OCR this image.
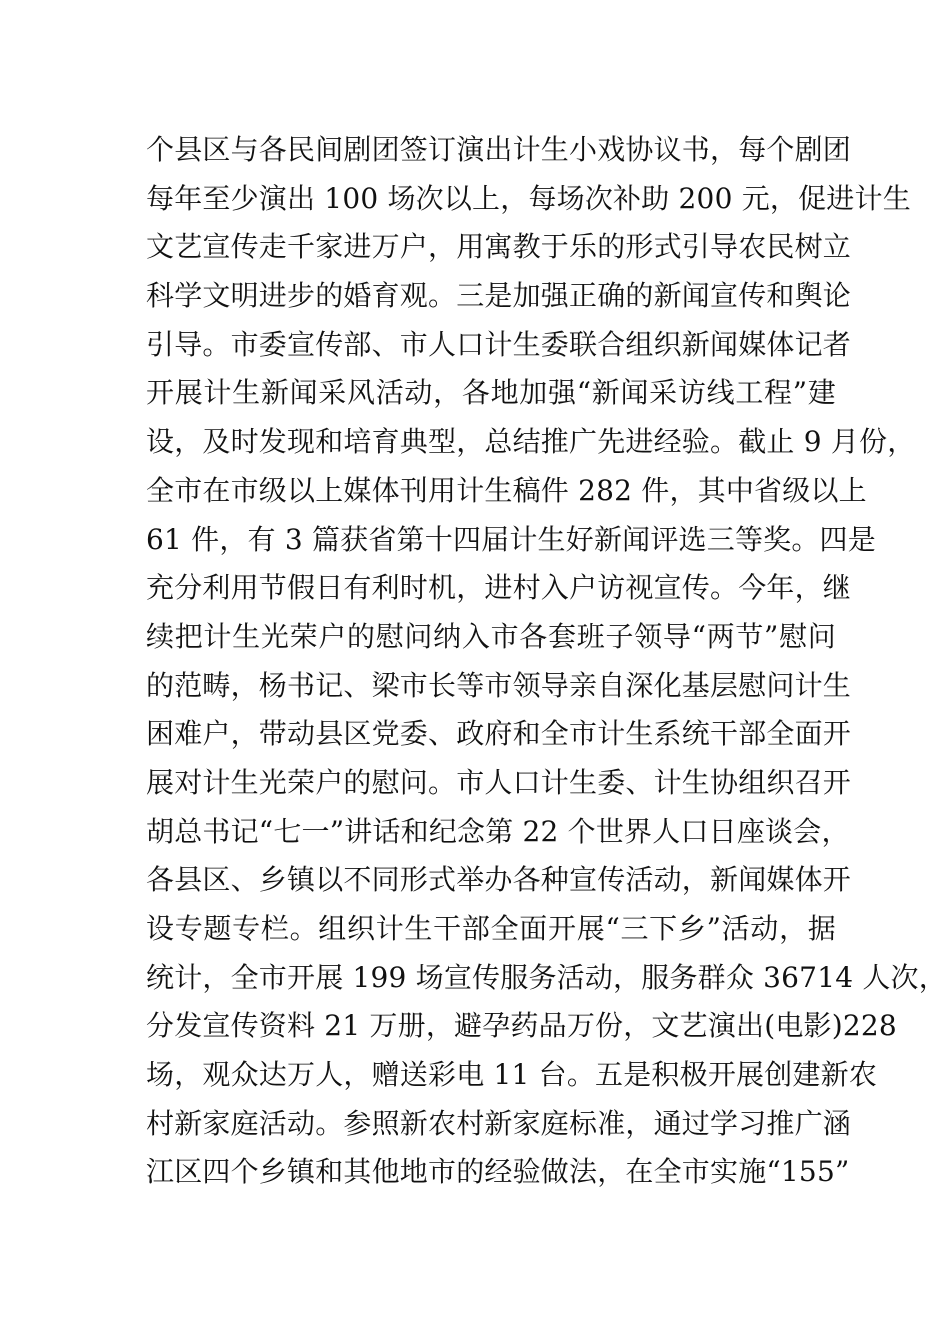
个县区与各民间剧团签订演出计生小戏协议书，每个剧团
每年至少演出 100 场次以上，每场次补助 200 元，促进计生
文艺宣传走千家进万户，用寓教于乐的形式引导农民树立
科学文明进步的婚育观。三是加强正确的新闻宣传和舆论
引导。市委宣传部、市人口计生委联合组织新闻媒体记者
开展计生新闻采风活动，各地加强“新闻采访线工程”建
设，及时发现和培育典型，总结推广先进经验。截止 9 月份，
全市在市级以上媒体刊用计生稿件 282 件，其中省级以上
61 件，有 3 篇获省第十四届计生好新闻评选三等奖。四是
充分利用节假日有利时机，进村入户访视宣传。今年，继
续把计生光荣户的慰问纳入市各套班子领导“两节”慰问
的范畴，杨书记、梁市长等市领导亲自深化基层慰问计生
困难户，带动县区党委、政府和全市计生系统干部全面开
展对计生光荣户的慰问。市人口计生委、计生协组织召开
胡总书记“七一”讲话和纪念第 22 个世界人口日座谈会，
各县区、乡镇以不同形式举办各种宣传活动，新闻媒体开
设专题专栏。组织计生干部全面开展“三下乡”活动，据
统计，全市开展 199 场宣传服务活动，服务群众 36714 人次，
分发宣传资料 21 万册，避孕药品万份，文艺演出(电影)228
场，观众达万人，赠送彩电 11 台。五是积极开展创建新农
村新家庭活动。参照新农村新家庭标准，通过学习推广涵
江区四个乡镇和其他地市的经验做法，在全市实施“155”
